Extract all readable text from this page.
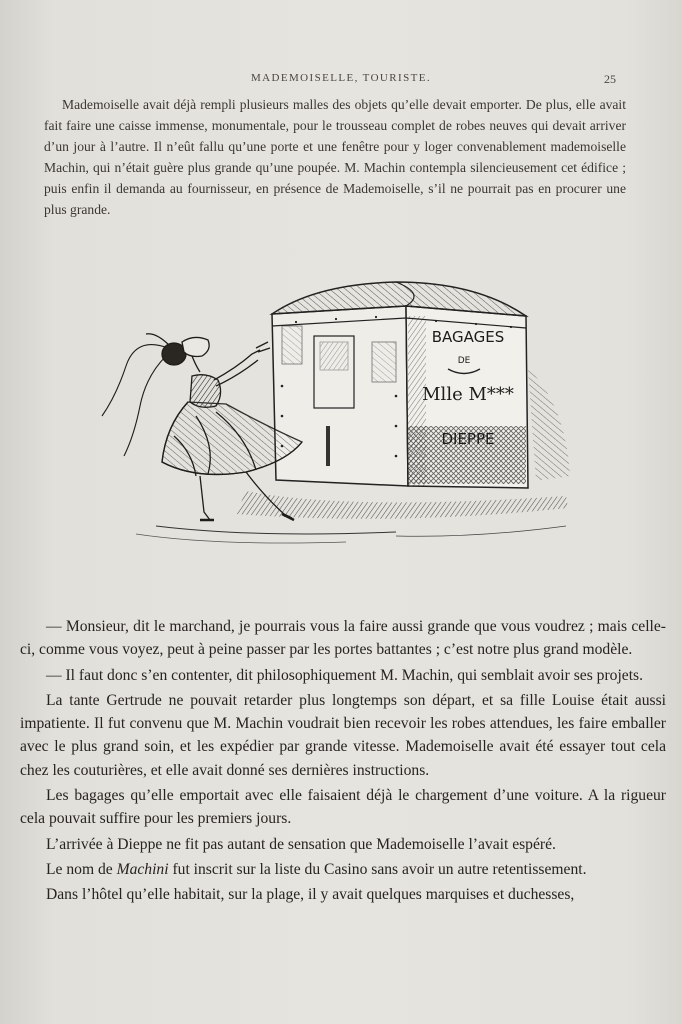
MADEMOISELLE, TOURISTE.	25

Mademoiselle avait déjà rempli plusieurs malles des objets qu’elle devait emporter. De plus, elle avait fait faire une caisse immense, monumentale, pour le trousseau complet de robes neuves qui devait arriver d’un jour à l’autre. Il n’eût fallu qu’une porte et une fenêtre pour y loger convenablement mademoiselle Machin, qui n’était guère plus grande qu’une poupée. M. Machin contempla silencieusement cet édifice ; puis enfin il demanda au fournisseur, en présence de Mademoiselle, s’il ne pourrait pas en procurer une plus grande.

BAGAGES
DE
Mlle M***
DIEPPE

— Monsieur, dit le marchand, je pourrais vous la faire aussi grande que vous voudrez ; mais celle-ci, comme vous voyez, peut à peine passer par les portes battantes ; c’est notre plus grand modèle.

— Il faut donc s’en contenter, dit philosophiquement M. Machin, qui semblait avoir ses projets.

La tante Gertrude ne pouvait retarder plus longtemps son départ, et sa fille Louise était aussi impatiente. Il fut convenu que M. Machin voudrait bien recevoir les robes attendues, les faire emballer avec le plus grand soin, et les expédier par grande vitesse. Mademoiselle avait été essayer tout cela chez les couturières, et elle avait donné ses dernières instructions.

Les bagages qu’elle emportait avec elle faisaient déjà le chargement d’une voiture. A la rigueur cela pouvait suffire pour les premiers jours.

L’arrivée à Dieppe ne fit pas autant de sensation que Mademoiselle l’avait espéré.

Le nom de Machini fut inscrit sur la liste du Casino sans avoir un autre retentissement.

Dans l’hôtel qu’elle habitait, sur la plage, il y avait quelques marquises et duchesses,
